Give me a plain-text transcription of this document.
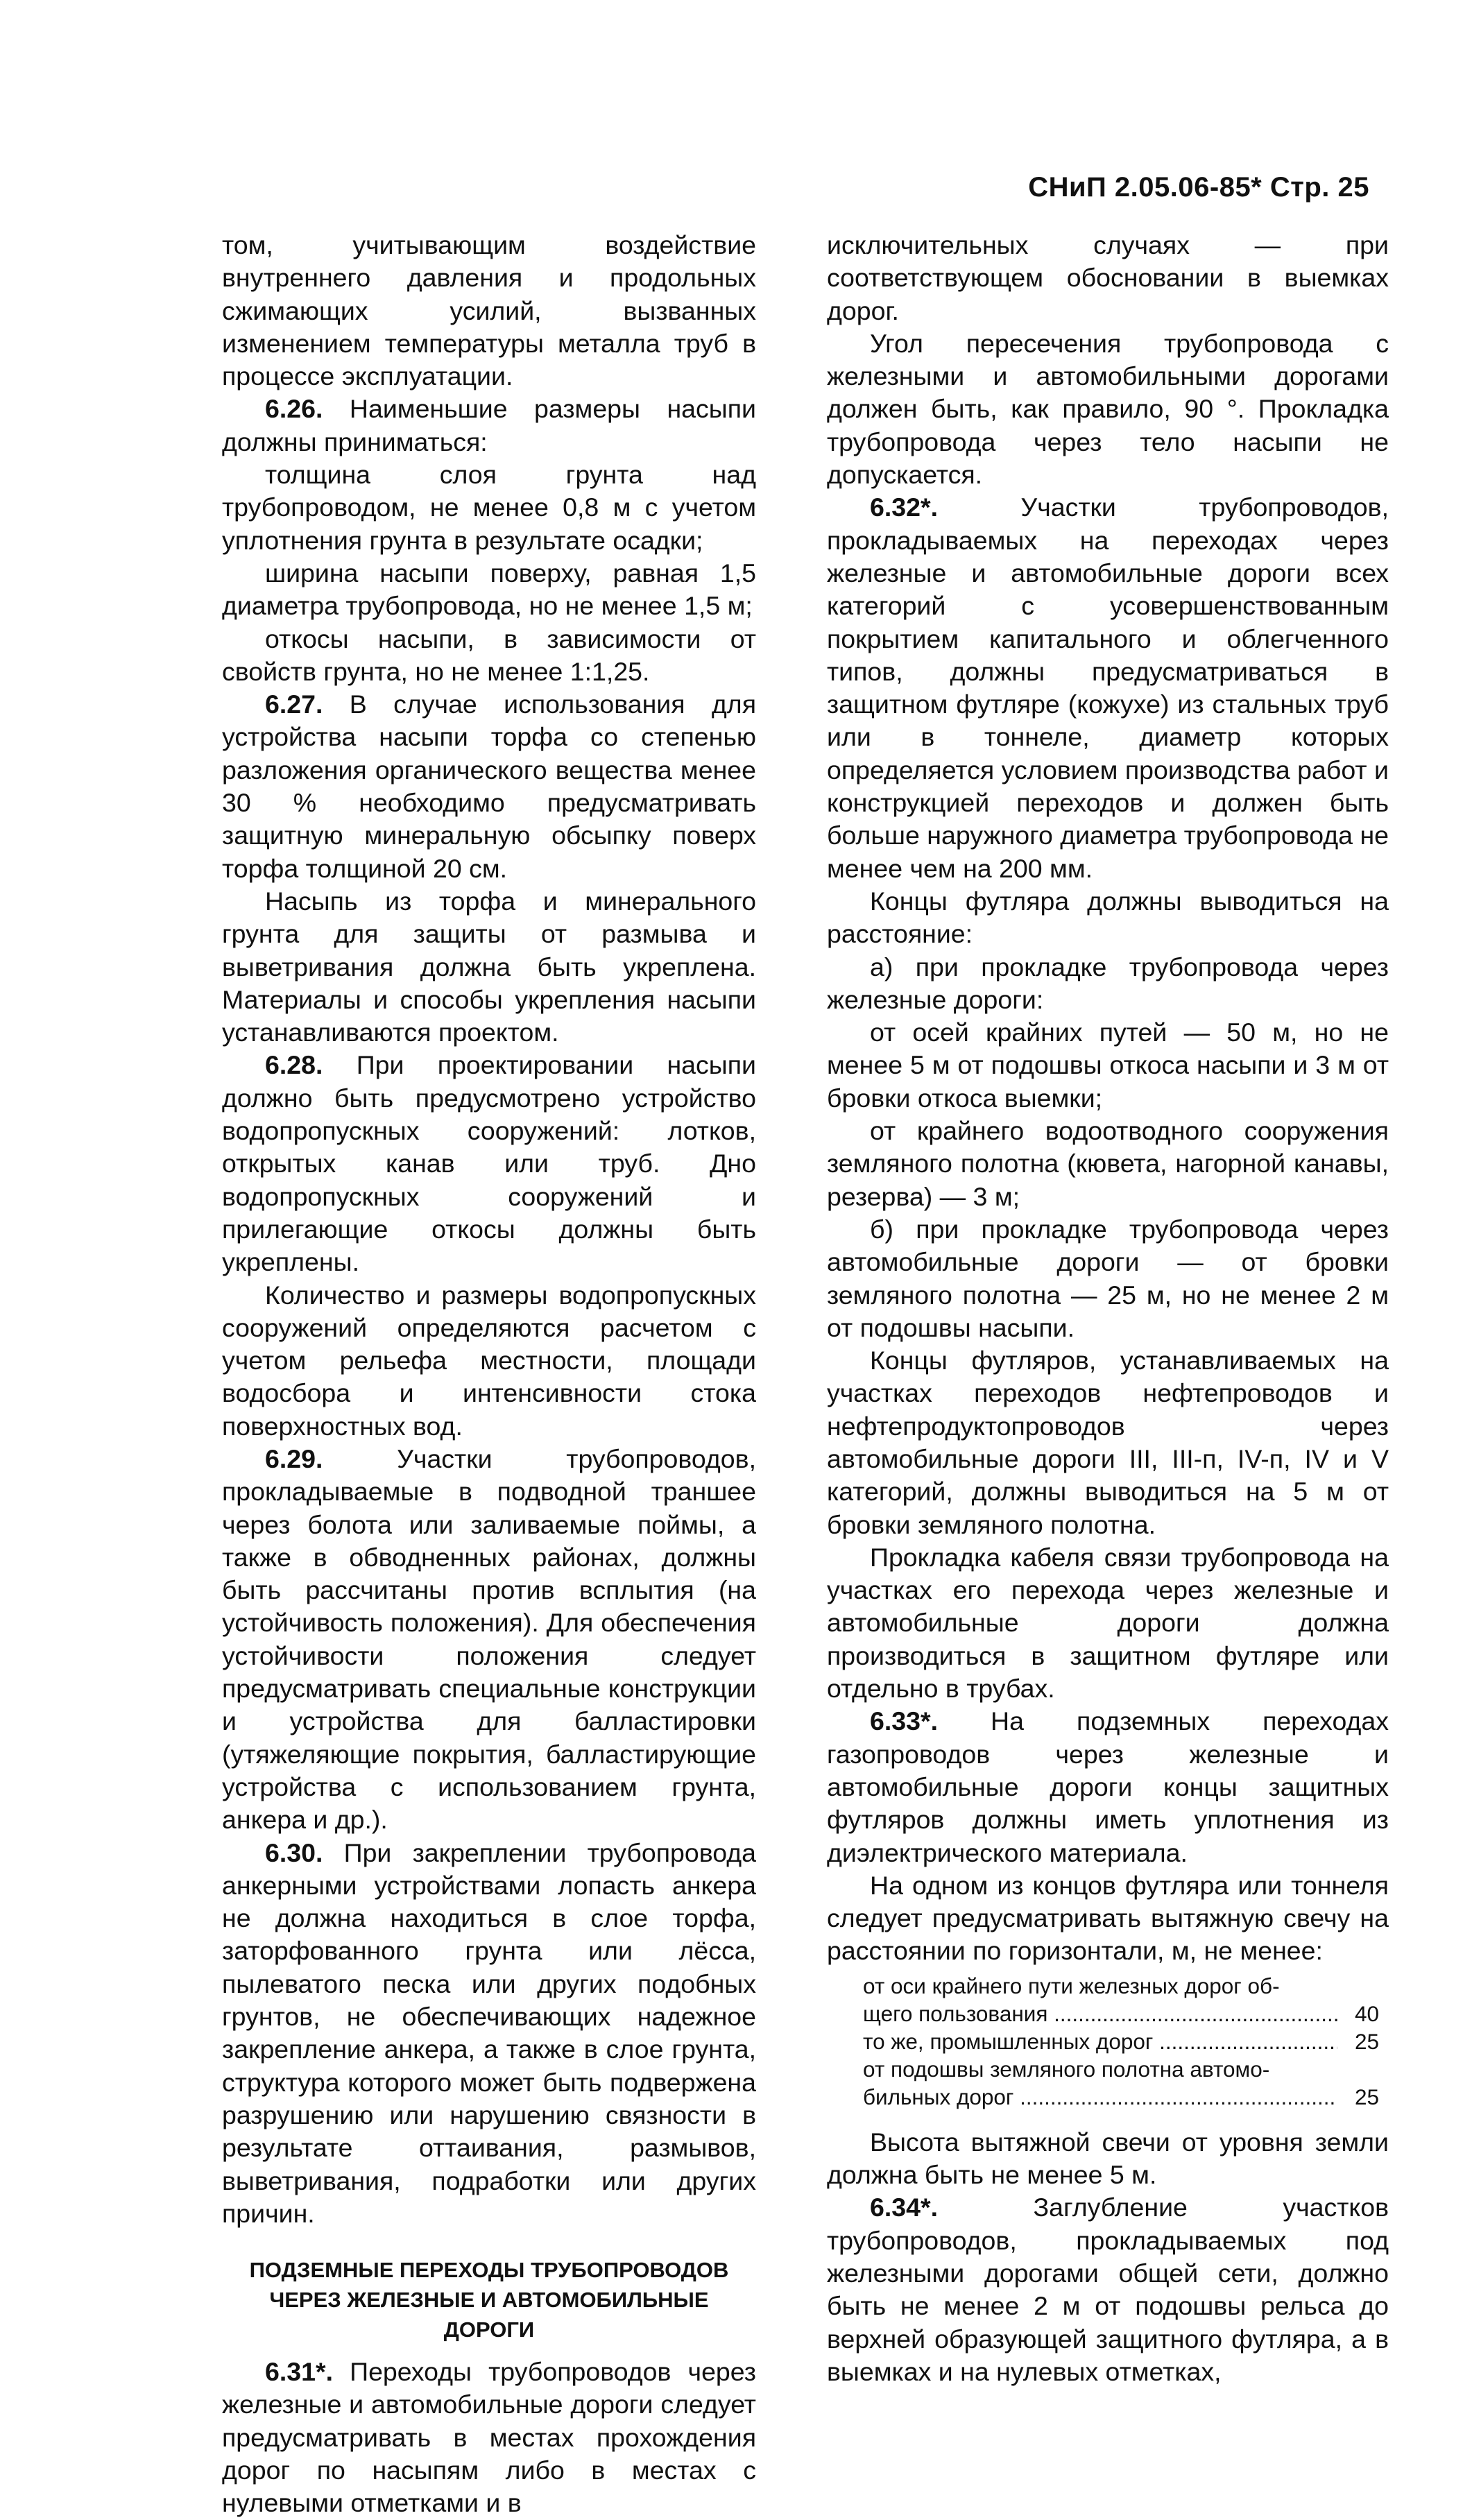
СНиП 2.05.06-85* Стр. 25

том, учитывающим воздействие внутреннего давления и продольных сжимающих усилий, вызванных изменением температуры металла труб в процессе эксплуатации.

6.26. Наименьшие размеры насыпи должны приниматься:

толщина слоя грунта над трубопроводом, не менее 0,8 м с учетом уплотнения грунта в результате осадки;

ширина насыпи поверху, равная 1,5 диаметра трубопровода, но не менее 1,5 м;

откосы насыпи, в зависимости от свойств грунта, но не менее 1:1,25.

6.27. В случае использования для устройства насыпи торфа со степенью разложения органического вещества менее 30 % необходимо предусматривать защитную минеральную обсыпку поверх торфа толщиной 20 см.

Насыпь из торфа и минерального грунта для защиты от размыва и выветривания должна быть укреплена. Материалы и способы укрепления насыпи устанавливаются проектом.

6.28. При проектировании насыпи должно быть предусмотрено устройство водопропускных сооружений: лотков, открытых канав или труб. Дно водопропускных сооружений и прилегающие откосы должны быть укреплены.

Количество и размеры водопропускных сооружений определяются расчетом с учетом рельефа местности, площади водосбора и интенсивности стока поверхностных вод.

6.29.	Участки трубопроводов, прокладываемые в подводной траншее через болота или заливаемые поймы, а также в обводненных районах, должны быть рассчитаны против всплытия (на устойчивость положения). Для обеспечения устойчивости положения следует предусматривать специальные конструкции и устройства для балластировки (утяжеляющие покрытия, балластирующие устройства с использованием грунта, анкера и др.).

6.30. При закреплении трубопровода анкерными устройствами лопасть анкера не должна находиться в слое торфа, заторфованного грунта или лёсса, пылеватого песка или других подобных грунтов, не обеспечивающих надежное закрепление анкера, а также в слое грунта, структура которого может быть подвержена разрушению или нарушению связности в результате оттаивания, размывов, выветривания, подработки или других причин.

ПОДЗЕМНЫЕ ПЕРЕХОДЫ ТРУБОПРОВОДОВ
ЧЕРЕЗ ЖЕЛЕЗНЫЕ И АВТОМОБИЛЬНЫЕ ДОРОГИ

6.31*. Переходы трубопроводов через железные и автомобильные дороги следует предусматривать в местах прохождения дорог по насыпям либо в местах с нулевыми отметками и в

исключительных случаях — при соответствующем обосновании в выемках дорог.

Угол пересечения трубопровода с железными и автомобильными дорогами должен быть, как правило, 90 °. Прокладка трубопровода через тело насыпи не допускается.

6.32*.	Участки трубопроводов, прокладываемых на переходах через железные и автомобильные дороги всех категорий с усовершенствованным покрытием капитального и облегченного типов, должны предусматриваться в защитном футляре (кожухе) из стальных труб или в тоннеле, диаметр которых определяется условием производства работ и конструкцией переходов и должен быть больше наружного диаметра трубопровода не менее чем на 200 мм.

Концы футляра должны выводиться на расстояние:

а) при прокладке трубопровода через железные дороги:

от осей крайних путей — 50 м, но не менее 5 м от подошвы откоса насыпи и 3 м от бровки откоса выемки;

от крайнего водоотводного сооружения земляного полотна (кювета, нагорной канавы, резерва) — 3 м;

б) при прокладке трубопровода через автомобильные дороги — от бровки земляного полотна — 25 м, но не менее 2 м от подошвы насыпи.

Концы футляров, устанавливаемых на участках переходов нефтепроводов и нефтепродуктопроводов через автомобильные дороги III, III-п, IV-п, IV и V категорий, должны выводиться на 5 м от бровки земляного полотна.

Прокладка кабеля связи трубопровода на участках его перехода через железные и автомобильные дороги должна производиться в защитном футляре или отдельно в трубах.

6.33*. На подземных переходах газопроводов через железные и автомобильные дороги концы защитных футляров должны иметь уплотнения из диэлектрического материала.

На одном из концов футляра или тоннеля следует предусматривать вытяжную свечу на расстоянии по горизонтали, м, не менее:

от оси крайнего пути железных дорог об-
щего пользования .....	40
то же, промышленных дорог .....	25
от подошвы земляного полотна автомо-
бильных дорог .....	25

Высота вытяжной свечи от уровня земли должна быть не менее 5 м.

6.34*.	Заглубление участков трубопроводов, прокладываемых под железными дорогами общей сети, должно быть не менее 2 м от подошвы рельса до верхней образующей защитного футляра, а в выемках и на нулевых отметках,
